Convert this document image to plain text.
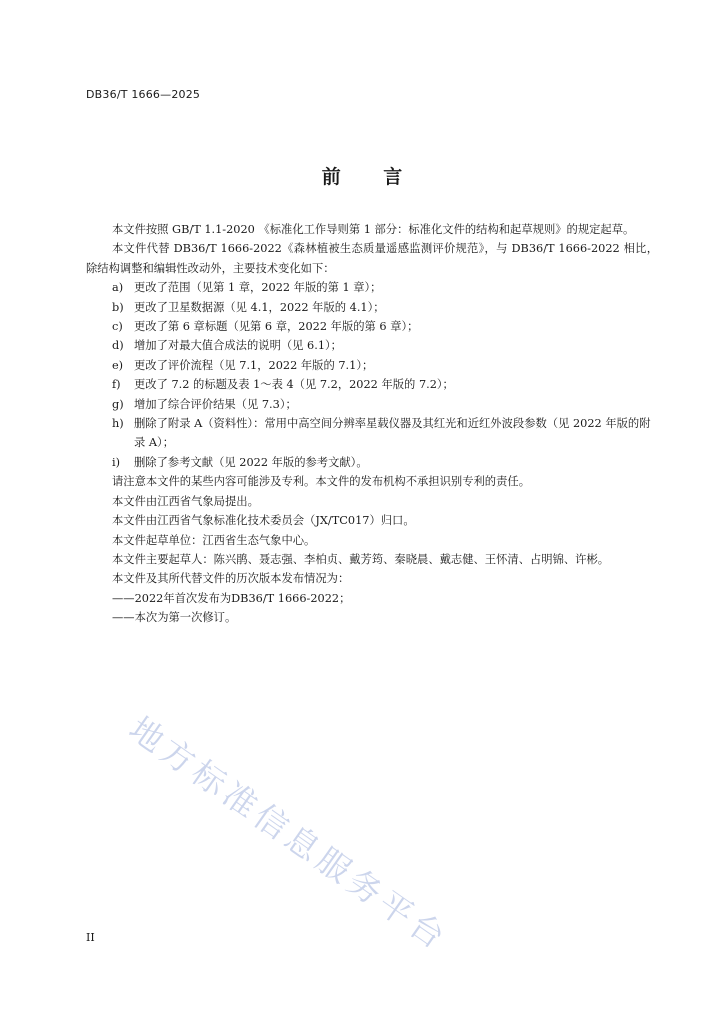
DB36/T 1666—2025
前 言

本文件按照 GB/T 1.1-2020 《标准化工作导则第 1 部分：标准化文件的结构和起草规则》的规定起草。

本文件代替 DB36/T 1666-2022《森林植被生态质量遥感监测评价规范》，与 DB36/T 1666-2022 相比，除结构调整和编辑性改动外，主要技术变化如下：

a) 更改了范围（见第 1 章，2022 年版的第 1 章）；

b) 更改了卫星数据源（见 4.1，2022 年版的 4.1）；

c) 更改了第 6 章标题（见第 6 章，2022 年版的第 6 章）；

d) 增加了对最大值合成法的说明（见 6.1）；

e) 更改了评价流程（见 7.1，2022 年版的 7.1）；

f) 更改了 7.2 的标题及表 1～表 4（见 7.2，2022 年版的 7.2）；

g) 增加了综合评价结果（见 7.3）；

h) 删除了附录 A（资料性）：常用中高空间分辨率星载仪器及其红光和近红外波段参数（见 2022 年版的附录 A）；

i) 删除了参考文献（见 2022 年版的参考文献）。

请注意本文件的某些内容可能涉及专利。本文件的发布机构不承担识别专利的责任。

本文件由江西省气象局提出。

本文件由江西省气象标准化技术委员会（JX/TC017）归口。

本文件起草单位：江西省生态气象中心。

本文件主要起草人：陈兴鹃、聂志强、李柏贞、戴芳筠、秦晓晨、戴志健、王怀清、占明锦、许彬。

本文件及其所代替文件的历次版本发布情况为：

——2022年首次发布为DB36/T 1666-2022；

——本次为第一次修订。

地方标准信息服务平台
II
